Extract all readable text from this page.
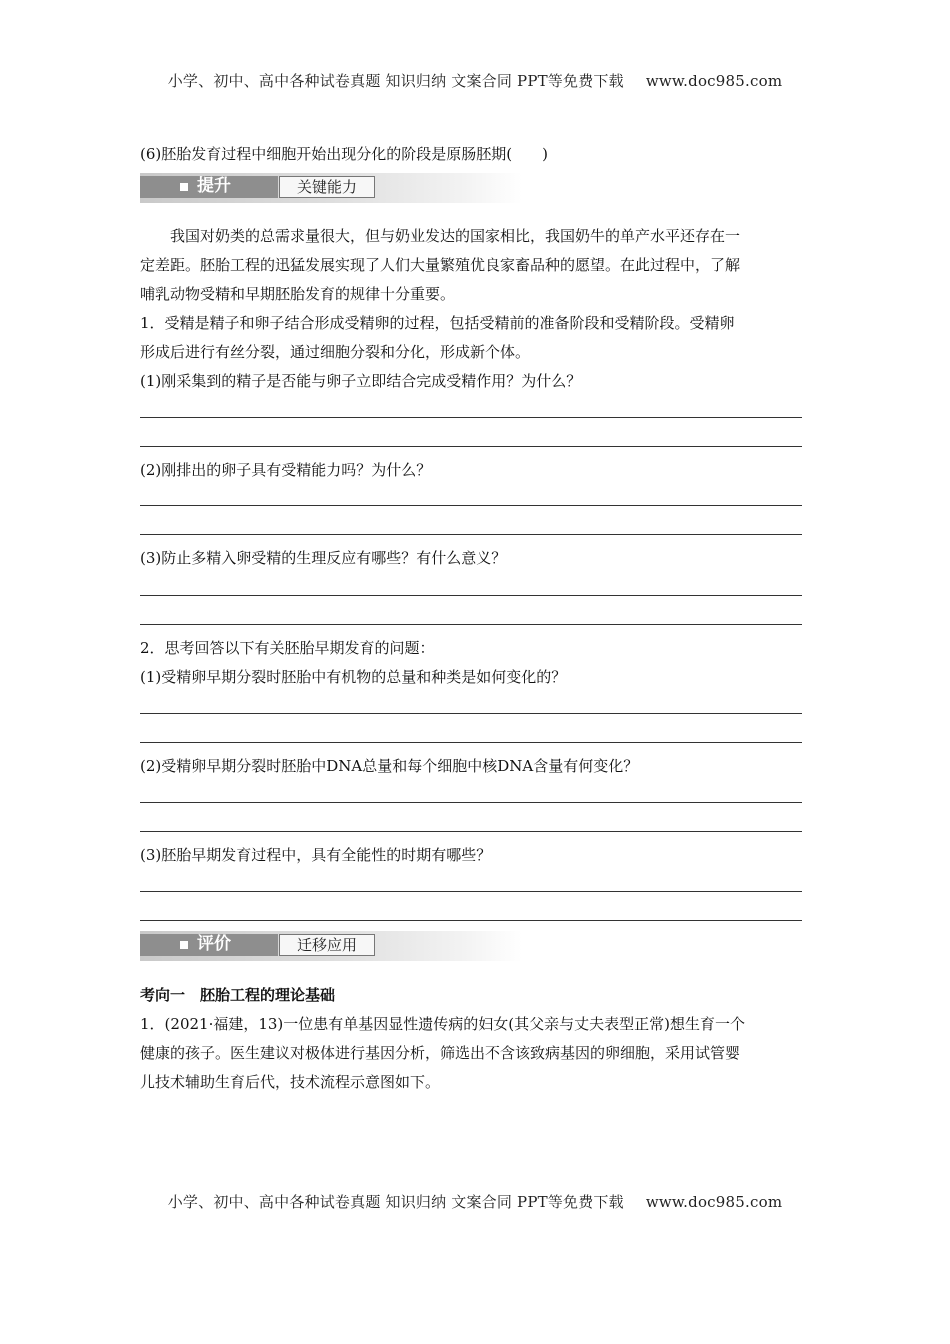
小学、初中、高中各种试卷真题 知识归纳 文案合同 PPT等免费下载 www.doc985.com
(6)胚胎发育过程中细胞开始出现分化的阶段是原肠胚期(　　)
提升	关键能力
　　我国对奶类的总需求量很大，但与奶业发达的国家相比，我国奶牛的单产水平还存在一
定差距。胚胎工程的迅猛发展实现了人们大量繁殖优良家畜品种的愿望。在此过程中，了解
哺乳动物受精和早期胚胎发育的规律十分重要。
1．受精是精子和卵子结合形成受精卵的过程，包括受精前的准备阶段和受精阶段。受精卵
形成后进行有丝分裂，通过细胞分裂和分化，形成新个体。
(1)刚采集到的精子是否能与卵子立即结合完成受精作用？为什么？
(2)刚排出的卵子具有受精能力吗？为什么？
(3)防止多精入卵受精的生理反应有哪些？有什么意义？
2．思考回答以下有关胚胎早期发育的问题：
(1)受精卵早期分裂时胚胎中有机物的总量和种类是如何变化的？
(2)受精卵早期分裂时胚胎中DNA总量和每个细胞中核DNA含量有何变化？
(3)胚胎早期发育过程中，具有全能性的时期有哪些？
评价	迁移应用
考向一　胚胎工程的理论基础
1．(2021·福建，13)一位患有单基因显性遗传病的妇女(其父亲与丈夫表型正常)想生育一个
健康的孩子。医生建议对极体进行基因分析，筛选出不含该致病基因的卵细胞，采用试管婴
儿技术辅助生育后代，技术流程示意图如下。
小学、初中、高中各种试卷真题 知识归纳 文案合同 PPT等免费下载 www.doc985.com
